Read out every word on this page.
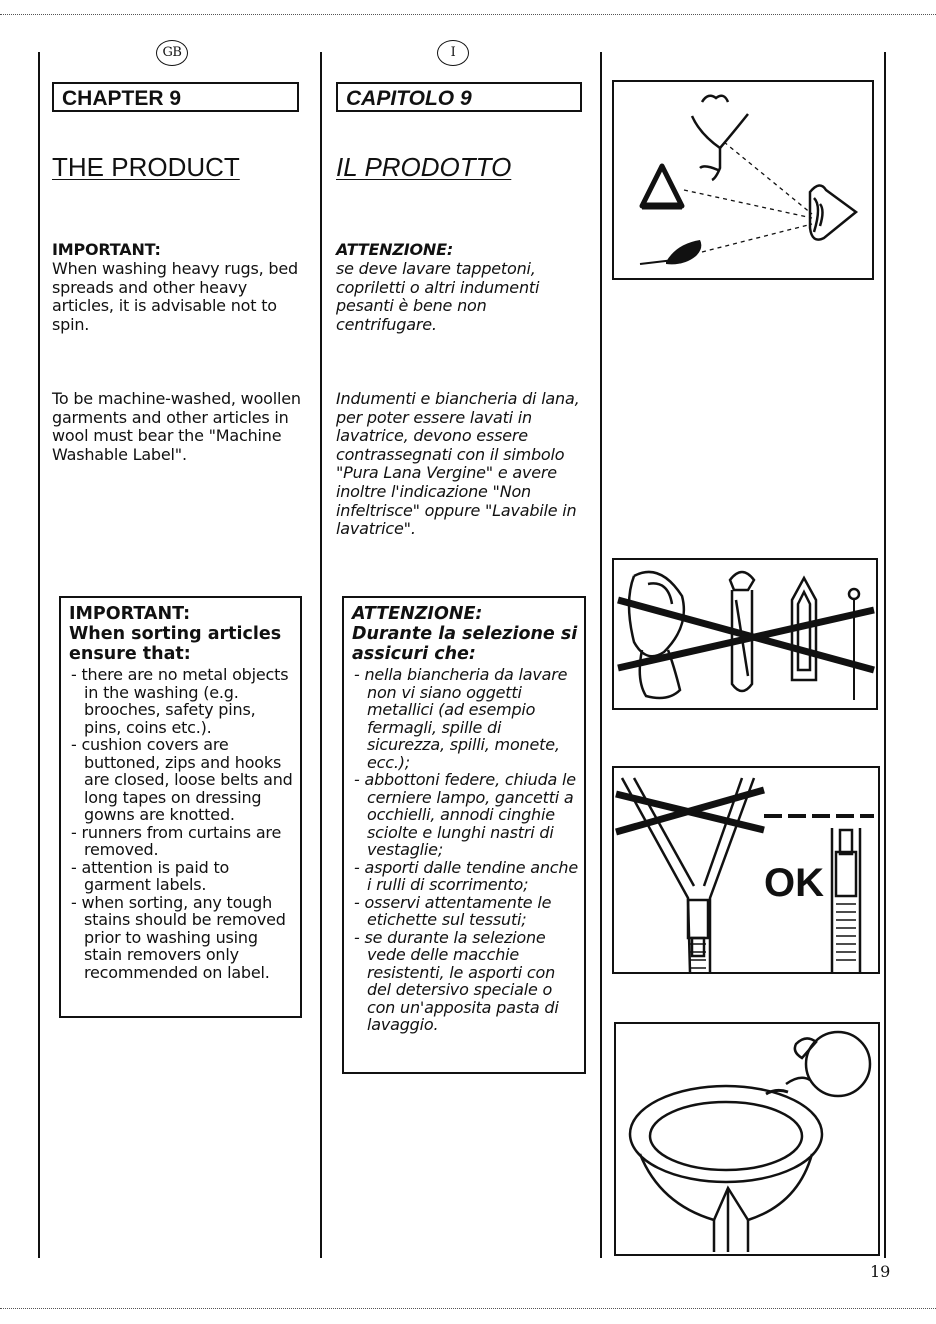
GB	I
CHAPTER 9
THE PRODUCT
IMPORTANT:
When washing heavy rugs, bed spreads and other heavy articles, it is advisable not to spin.
To be machine-washed, woollen garments and other articles in wool must bear the "Machine Washable Label".
IMPORTANT:
When sorting articles ensure that:
- there are no metal objects in the washing (e.g. brooches, safety pins, pins, coins etc.).
- cushion covers are buttoned, zips and hooks are closed, loose belts and long tapes on dressing gowns are knotted.
- runners from curtains are removed.
- attention is paid to garment labels.
- when sorting, any tough stains should be removed prior to washing using stain removers only recommended on label.
CAPITOLO 9
IL PRODOTTO
ATTENZIONE:
se deve lavare tappetoni, copriletti o altri indumenti pesanti è bene non centrifugare.
Indumenti e biancheria di lana, per poter essere lavati in lavatrice, devono essere contrassegnati con il simbolo "Pura Lana Vergine" e avere inoltre l'indicazione "Non infeltrisce" oppure "Lavabile in lavatrice".
ATTENZIONE:
Durante la selezione si assicuri che:
- nella biancheria da lavare non vi siano oggetti metallici (ad esempio fermagli, spille di sicurezza, spilli, monete, ecc.);
- abbottoni federe, chiuda le cerniere lampo, gancetti a occhielli, annodi cinghie sciolte e lunghi nastri di vestaglie;
- asporti dalle tendine anche i rulli di scorrimento;
- osservi attentamente le etichette sul tessuti;
- se durante la selezione vede delle macchie resistenti, le asporti con del detersivo speciale o con un'apposita pasta di lavaggio.
OK
19
